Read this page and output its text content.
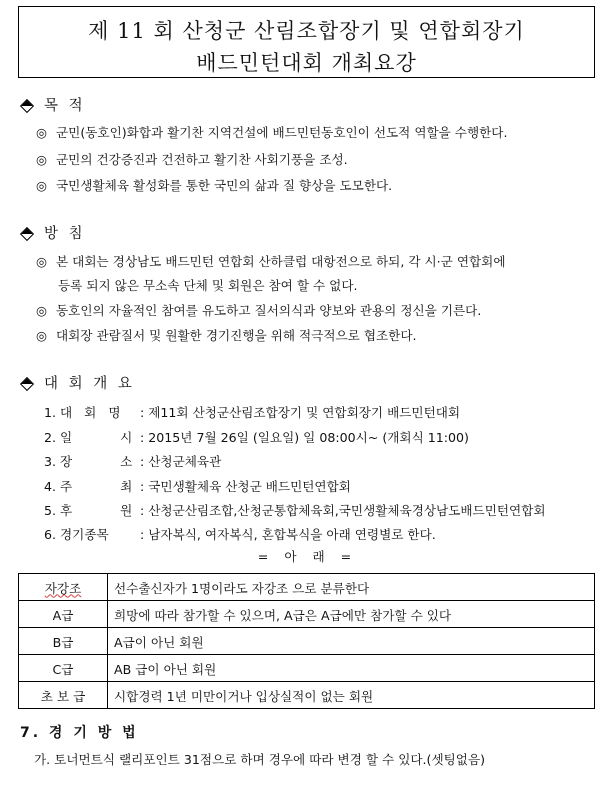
제 11 회 산청군 산림조합장기 및 연합회장기
배드민턴대회 개최요강
목 적
◎ 군민(동호인)화합과 활기찬 지역건설에 배드민턴동호인이 선도적 역할을 수행한다.
◎ 군민의 건강증진과 건전하고 활기찬 사회기풍을 조성.
◎ 국민생활체육 활성화를 통한 국민의 삶과 질 향상을 도모한다.
방 침
◎ 본 대회는 경상남도 배드민턴 연합회 산하클럽 대항전으로 하되, 각 시·군 연합회에
등록 되지 않은 무소속 단체 및 회원은 참여 할 수 없다.
◎ 동호인의 자율적인 참여를 유도하고 질서의식과 양보와 관용의 정신을 기른다.
◎ 대회장 관람질서 및 원활한 경기진행을 위해 적극적으로 협조한다.
대 회 개 요
1. 대 회 명 : 제11회 산청군산림조합장기 및 연합회장기 배드민턴대회
2. 일 시: 2015년 7월 26일 (일요일) 일 08:00시~ (개회식 11:00)
3. 장 소: 산청군체육관
4. 주 최: 국민생활체육 산청군 배드민턴연합회
5. 후 원: 산청군산림조합,산청군통합체육회,국민생활체육경상남도배드민턴연합회
6. 경기종목 : 남자복식, 여자복식, 혼합복식을 아래 연령별로 한다.
= 아 래 =
자강조	선수출신자가 1명이라도 자강조 으로 분류한다
A급	희망에 따라 참가할 수 있으며, A급은 A급에만 참가할 수 있다
B급	A급이 아닌 회원
C급	AB 급이 아닌 회원
초 보 급	시합경력 1년 미만이거나 입상실적이 없는 회원
7. 경 기 방 법
가. 토너먼트식 랠리포인트 31점으로 하며 경우에 따라 변경 할 수 있다.(셋팅없음)
